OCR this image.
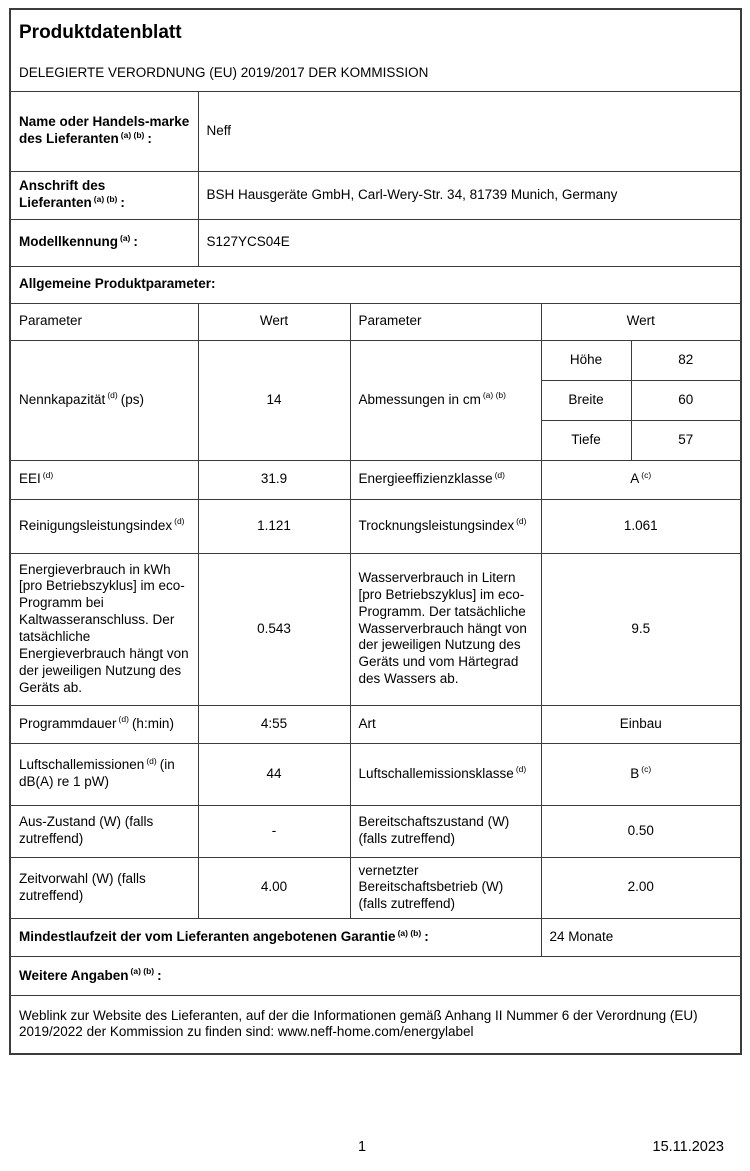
Produktdatenblatt
DELEGIERTE VERORDNUNG (EU) 2019/2017 DER KOMMISSION				

Name oder Handels-marke des Lieferanten $^{(a) (b)}$ :	Neff			
Anschrift des Lieferanten $^{(a) (b)}$ :	BSH Hausgeräte GmbH, Carl-Wery-Str. 34, 81739 Munich, Germany			
Modellkennung $^{(a)}$ :	S127YCS04E			
Allgemeine Produktparameter:				
Parameter	Wert	Parameter	Wert	
Nennkapazität $^{(d)}$ (ps)	14	Abmessungen in cm $^{(a) (b)}$	Höhe	82
			Breite	60
			Tiefe	57
EEI $^{(d)}$	31.9	Energieeffizienzklasse $^{(d)}$	A $^{(c)}$
Reinigungsleistungsindex $^{(d)}$	1.121	Trocknungsleistungsindex $^{(d)}$	1.061	
Energieverbrauch in kWh [pro Betriebszyklus] im eco-Programm bei Kaltwasseranschluss. Der tatsächliche Energieverbrauch hängt von der jeweiligen Nutzung des Geräts ab.	0.543	Wasserverbrauch in Litern [pro Betriebszyklus] im eco-Programm. Der tatsächliche Wasserverbrauch hängt von der jeweiligen Nutzung des Geräts und vom Härtegrad des Wassers ab.	9.5	
Programmdauer $^{(d)}$ (h:min)	4:55	Art	Einbau	
Luftschallemissionen $^{(d)}$ (in dB(A) re 1 pW)	44	Luftschallemissionsklasse $^{(d)}$	B $^{(c)}$
Aus-Zustand (W) (falls zutreffend)	-	Bereitschaftszustand (W) (falls zutreffend)	0.50	
Zeitvorwahl (W) (falls zutreffend)	4.00	vernetzter Bereitschaftsbetrieb (W) (falls zutreffend)	2.00	
Mindestlaufzeit der vom Lieferanten angebotenen Garantie $^{(a) (b)}$ :			24 Monate	
Weitere Angaben $^{(a) (b)}$ :				
Weblink zur Website des Lieferanten, auf der die Informationen gemäß Anhang II Nummer 6 der Verordnung (EU) 2019/2022 der Kommission zu finden sind: www.neff-home.com/energylabel				
1	15.11.2023
